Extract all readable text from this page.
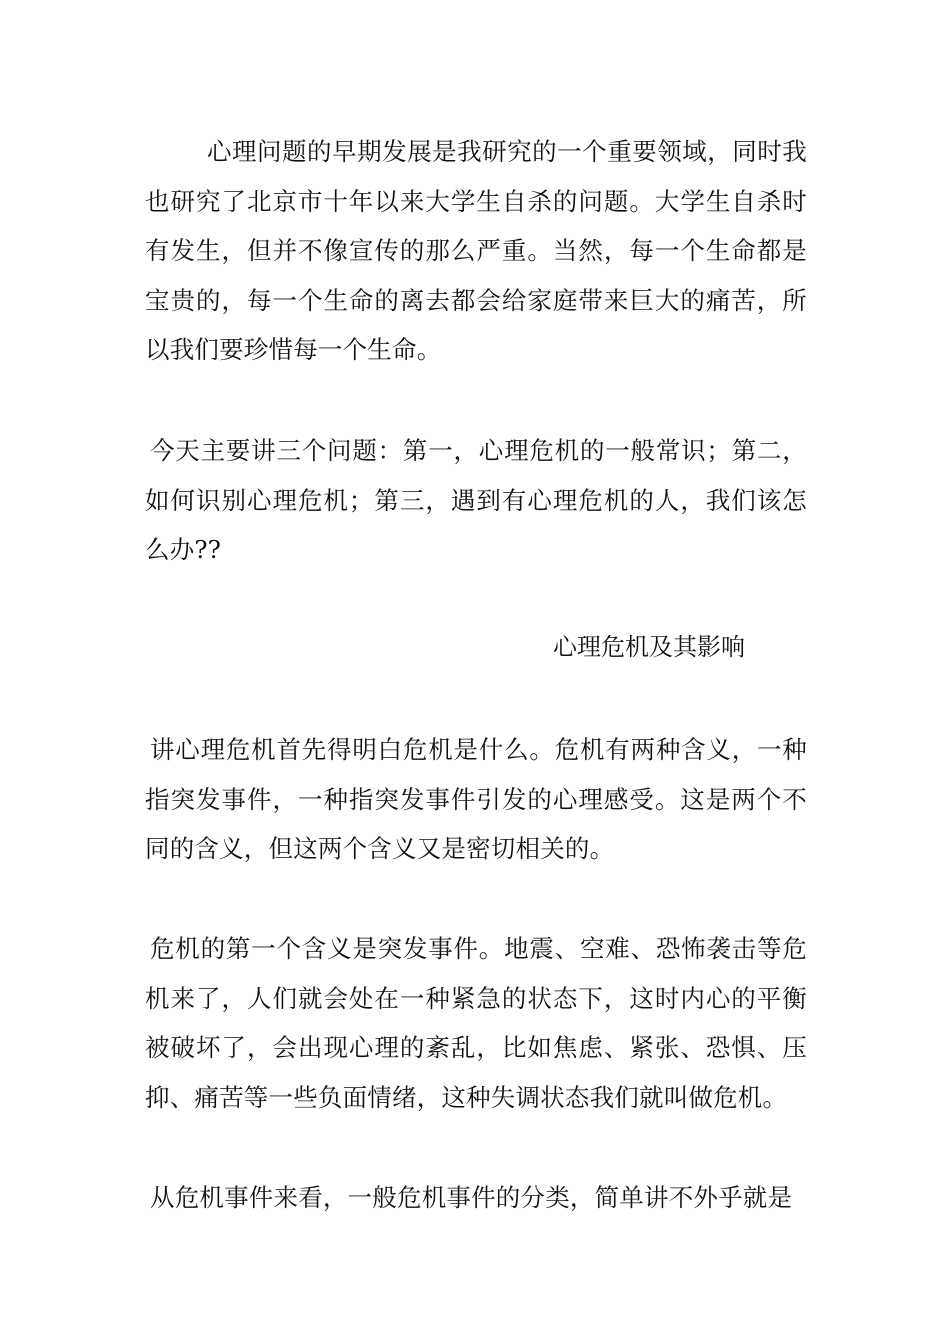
心理问题的早期发展是我研究的一个重要领域，同时我也研究了北京市十年以来大学生自杀的问题。大学生自杀时有发生，但并不像宣传的那么严重。当然，每一个生命都是宝贵的，每一个生命的离去都会给家庭带来巨大的痛苦，所以我们要珍惜每一个生命。

今天主要讲三个问题：第一，心理危机的一般常识；第二，如何识别心理危机；第三，遇到有心理危机的人，我们该怎么办??

心理危机及其影响

讲心理危机首先得明白危机是什么。危机有两种含义，一种指突发事件，一种指突发事件引发的心理感受。这是两个不同的含义，但这两个含义又是密切相关的。

危机的第一个含义是突发事件。地震、空难、恐怖袭击等危机来了，人们就会处在一种紧急的状态下，这时内心的平衡被破坏了，会出现心理的紊乱，比如焦虑、紧张、恐惧、压抑、痛苦等一些负面情绪，这种失调状态我们就叫做危机。

从危机事件来看，一般危机事件的分类，简单讲不外乎就是
